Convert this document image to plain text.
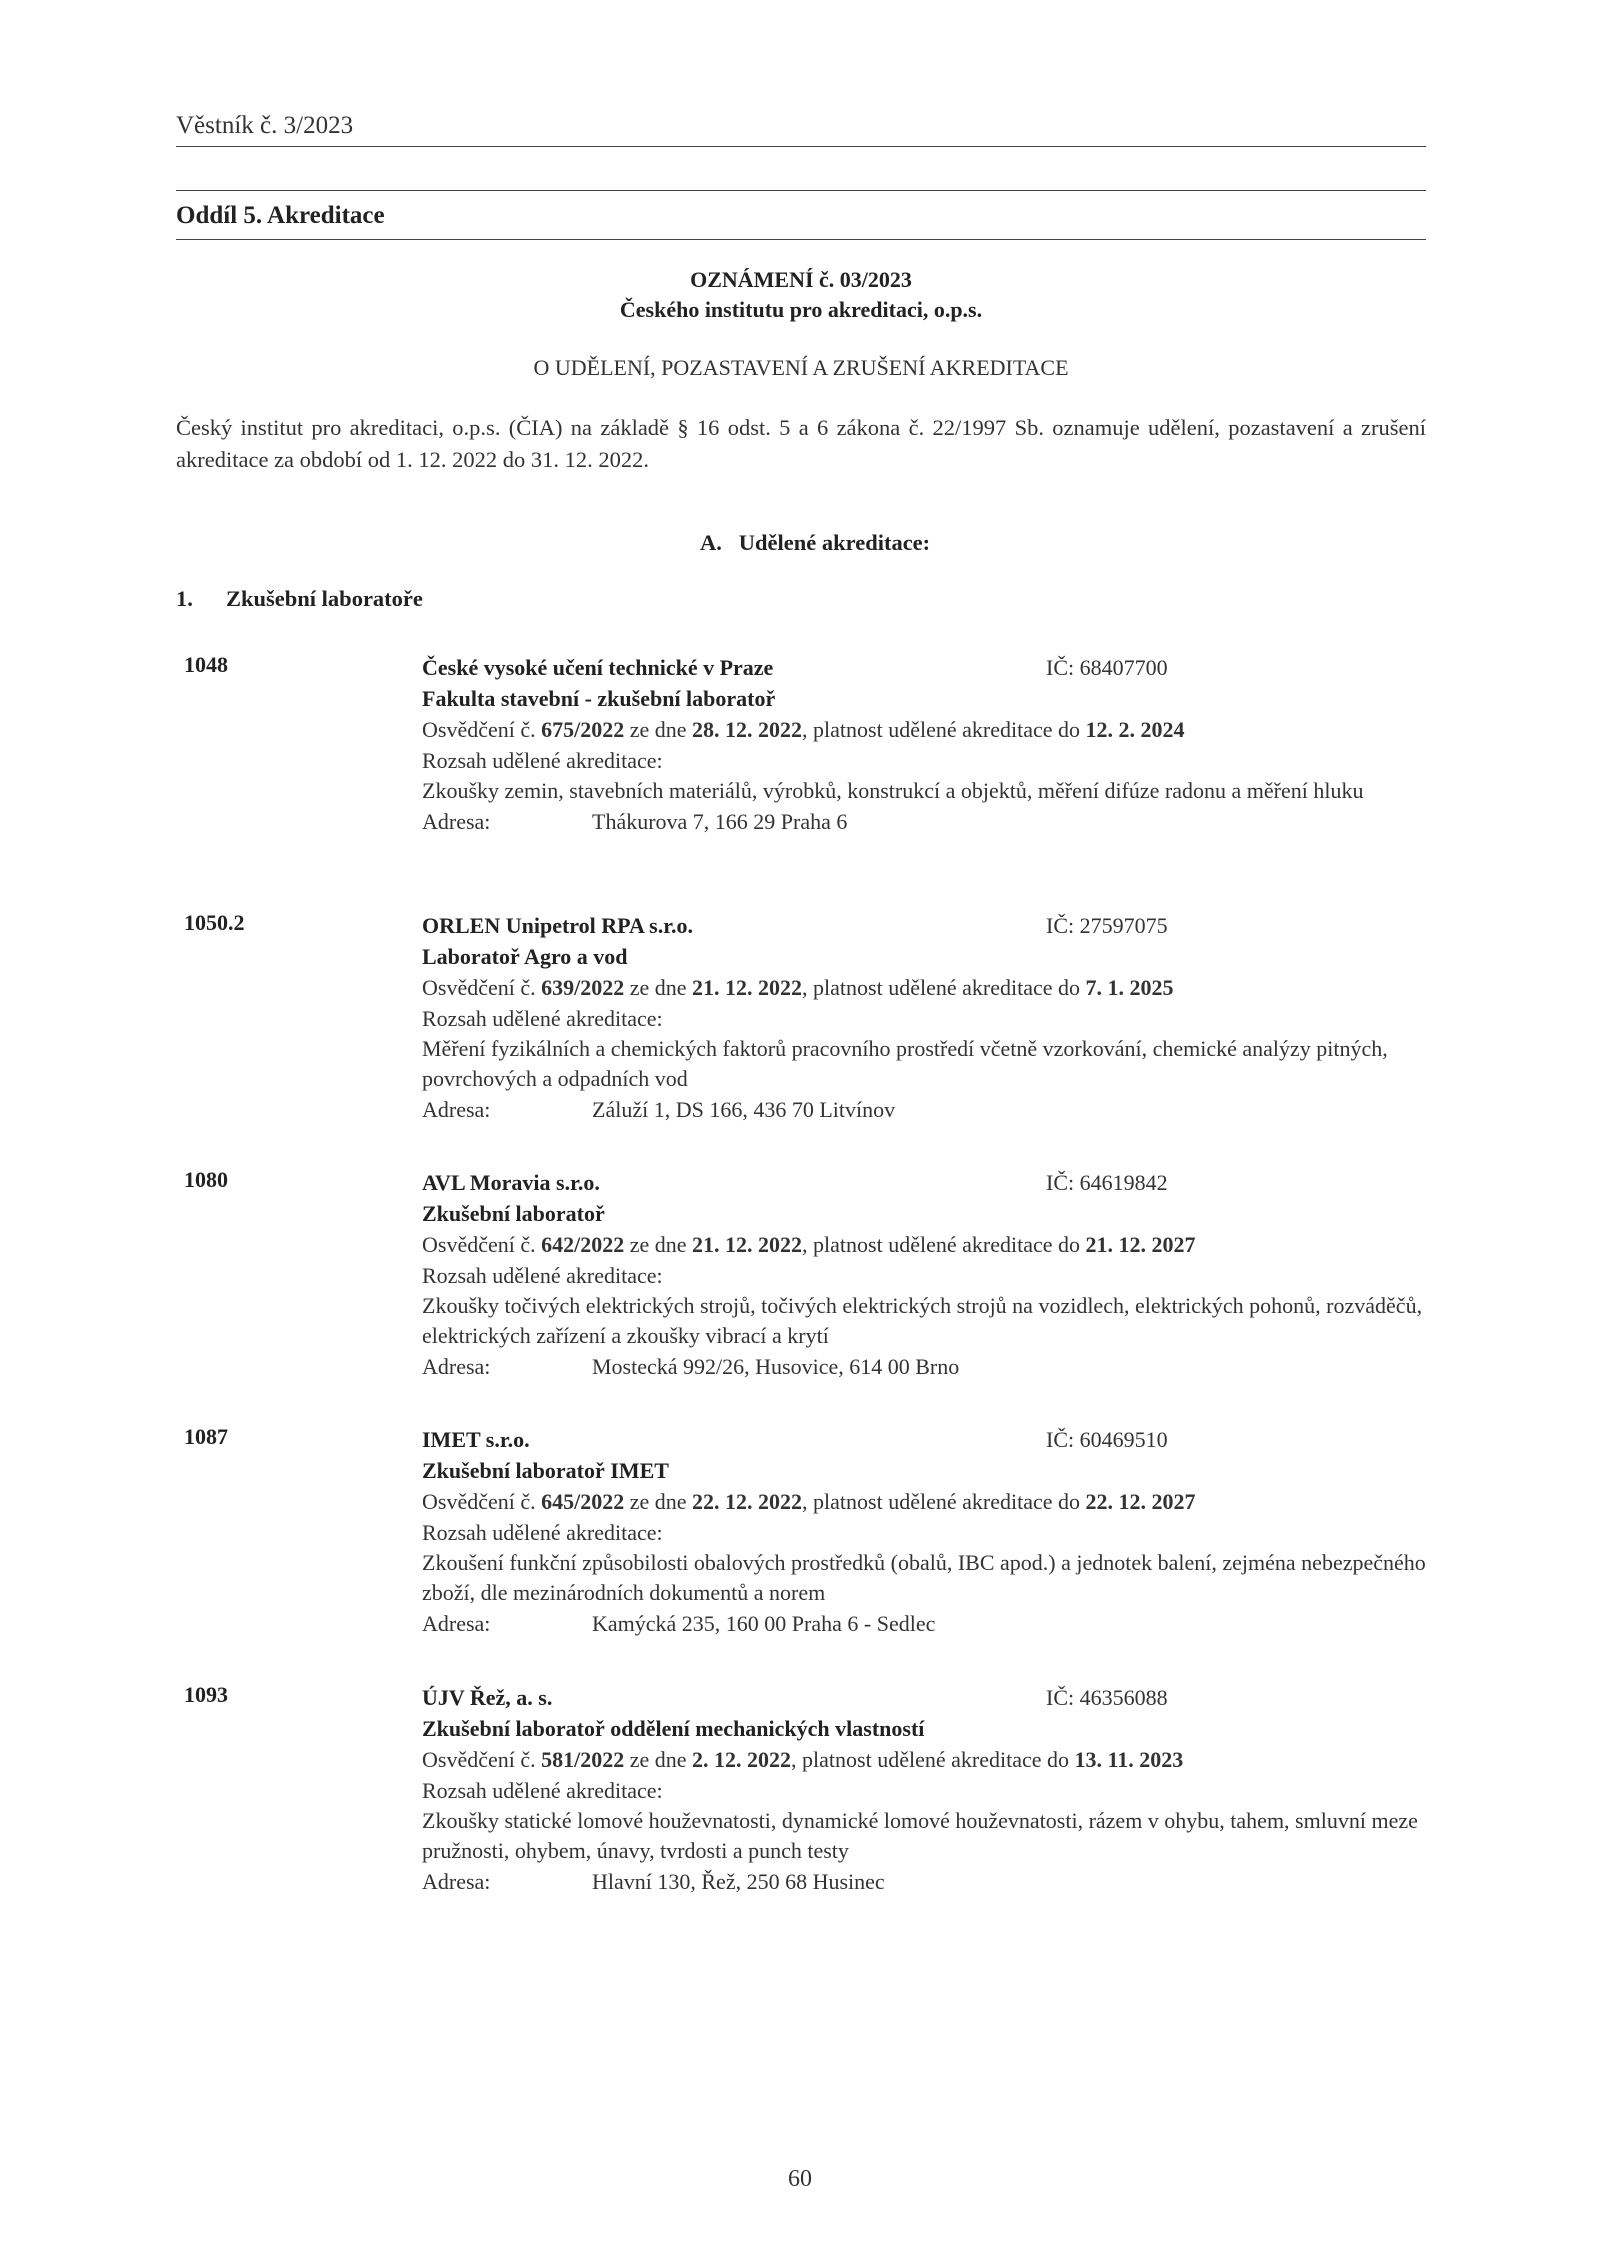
Věstník č. 3/2023
Oddíl 5. Akreditace
OZNÁMENÍ č. 03/2023
Českého institutu pro akreditaci, o.p.s.
O UDĚLENÍ, POZASTAVENÍ A ZRUŠENÍ AKREDITACE
Český institut pro akreditaci, o.p.s. (ČIA) na základě § 16 odst. 5 a 6 zákona č. 22/1997 Sb. oznamuje udělení, pozastavení a zrušení akreditace za období od 1. 12. 2022 do 31. 12. 2022.
A.   Udělené akreditace:
1. Zkušební laboratoře
1048	České vysoké učení technické v Praze	IČ: 68407700
Fakulta stavební - zkušební laboratoř
Osvědčení č. 675/2022 ze dne 28. 12. 2022, platnost udělené akreditace do 12. 2. 2024
Rozsah udělené akreditace:
Zkoušky zemin, stavebních materiálů, výrobků, konstrukcí a objektů, měření difúze radonu a měření hluku
Adresa:	Thákurova 7, 166 29 Praha 6
1050.2	ORLEN Unipetrol RPA s.r.o.	IČ: 27597075
Laboratoř Agro a vod
Osvědčení č. 639/2022 ze dne 21. 12. 2022, platnost udělené akreditace do 7. 1. 2025
Rozsah udělené akreditace:
Měření fyzikálních a chemických faktorů pracovního prostředí včetně vzorkování, chemické analýzy pitných, povrchových a odpadních vod
Adresa:	Záluží 1, DS 166, 436 70 Litvínov
1080	AVL Moravia s.r.o.	IČ: 64619842
Zkušební laboratoř
Osvědčení č. 642/2022 ze dne 21. 12. 2022, platnost udělené akreditace do 21. 12. 2027
Rozsah udělené akreditace:
Zkoušky točivých elektrických strojů, točivých elektrických strojů na vozidlech, elektrických pohonů, rozváděčů, elektrických zařízení a zkoušky vibrací a krytí
Adresa:	Mostecká 992/26, Husovice, 614 00 Brno
1087	IMET s.r.o.	IČ: 60469510
Zkušební laboratoř IMET
Osvědčení č. 645/2022 ze dne 22. 12. 2022, platnost udělené akreditace do 22. 12. 2027
Rozsah udělené akreditace:
Zkoušení funkční způsobilosti obalových prostředků (obalů, IBC apod.) a jednotek balení, zejména nebezpečného zboží, dle mezinárodních dokumentů a norem
Adresa:	Kamýcká 235, 160 00 Praha 6 - Sedlec
1093	ÚJV Řež, a. s.	IČ: 46356088
Zkušební laboratoř oddělení mechanických vlastností
Osvědčení č. 581/2022 ze dne 2. 12. 2022, platnost udělené akreditace do 13. 11. 2023
Rozsah udělené akreditace:
Zkoušky statické lomové houževnatosti, dynamické lomové houževnatosti, rázem v ohybu, tahem, smluvní meze pružnosti, ohybem, únavy, tvrdosti a punch testy
Adresa:	Hlavní 130, Řež, 250 68 Husinec
60
